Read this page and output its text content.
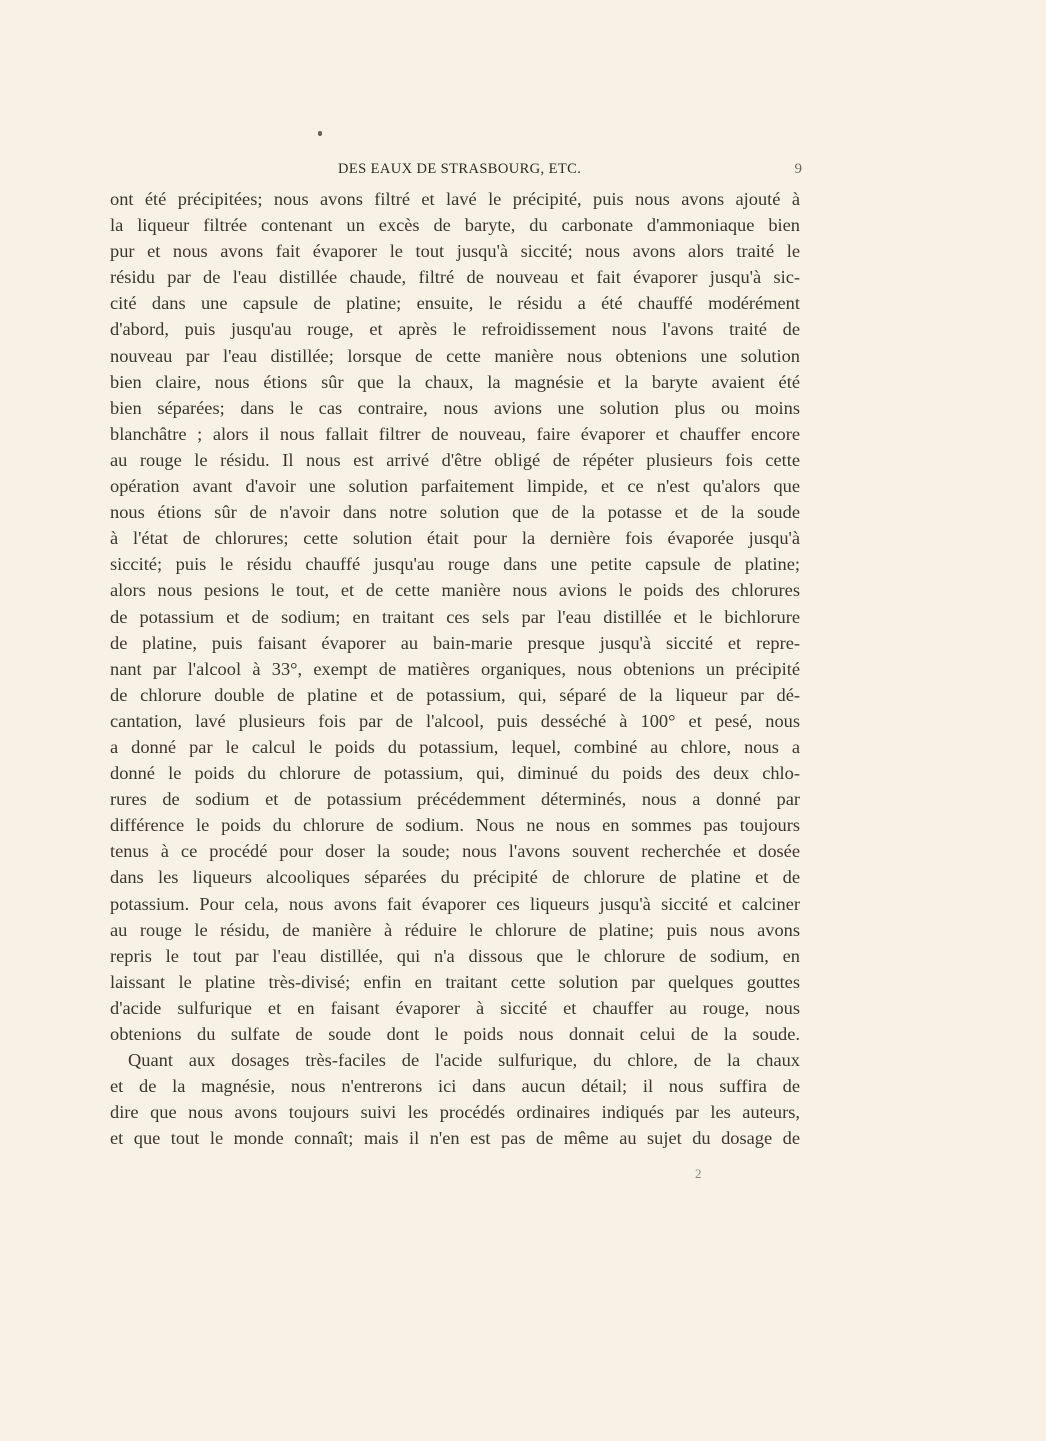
DES EAUX DE STRASBOURG, ETC.	9
ont été précipitées; nous avons filtré et lavé le précipité, puis nous avons ajouté à
la liqueur filtrée contenant un excès de baryte, du carbonate d'ammoniaque bien
pur et nous avons fait évaporer le tout jusqu'à siccité; nous avons alors traité le
résidu par de l'eau distillée chaude, filtré de nouveau et fait évaporer jusqu'à sic-
cité dans une capsule de platine; ensuite, le résidu a été chauffé modérément
d'abord, puis jusqu'au rouge, et après le refroidissement nous l'avons traité de
nouveau par l'eau distillée; lorsque de cette manière nous obtenions une solution
bien claire, nous étions sûr que la chaux, la magnésie et la baryte avaient été
bien séparées; dans le cas contraire, nous avions une solution plus ou moins
blanchâtre ; alors il nous fallait filtrer de nouveau, faire évaporer et chauffer encore
au rouge le résidu. Il nous est arrivé d'être obligé de répéter plusieurs fois cette
opération avant d'avoir une solution parfaitement limpide, et ce n'est qu'alors que
nous étions sûr de n'avoir dans notre solution que de la potasse et de la soude
à l'état de chlorures; cette solution était pour la dernière fois évaporée jusqu'à
siccité; puis le résidu chauffé jusqu'au rouge dans une petite capsule de platine;
alors nous pesions le tout, et de cette manière nous avions le poids des chlorures
de potassium et de sodium; en traitant ces sels par l'eau distillée et le bichlorure
de platine, puis faisant évaporer au bain-marie presque jusqu'à siccité et repre-
nant par l'alcool à 33°, exempt de matières organiques, nous obtenions un précipité
de chlorure double de platine et de potassium, qui, séparé de la liqueur par dé-
cantation, lavé plusieurs fois par de l'alcool, puis desséché à 100° et pesé, nous
a donné par le calcul le poids du potassium, lequel, combiné au chlore, nous a
donné le poids du chlorure de potassium, qui, diminué du poids des deux chlo-
rures de sodium et de potassium précédemment déterminés, nous a donné par
différence le poids du chlorure de sodium. Nous ne nous en sommes pas toujours
tenus à ce procédé pour doser la soude; nous l'avons souvent recherchée et dosée
dans les liqueurs alcooliques séparées du précipité de chlorure de platine et de
potassium. Pour cela, nous avons fait évaporer ces liqueurs jusqu'à siccité et calciner
au rouge le résidu, de manière à réduire le chlorure de platine; puis nous avons
repris le tout par l'eau distillée, qui n'a dissous que le chlorure de sodium, en
laissant le platine très-divisé; enfin en traitant cette solution par quelques gouttes
d'acide sulfurique et en faisant évaporer à siccité et chauffer au rouge, nous
obtenions du sulfate de soude dont le poids nous donnait celui de la soude.
Quant aux dosages très-faciles de l'acide sulfurique, du chlore, de la chaux
et de la magnésie, nous n'entrerons ici dans aucun détail; il nous suffira de
dire que nous avons toujours suivi les procédés ordinaires indiqués par les auteurs,
et que tout le monde connaît; mais il n'en est pas de même au sujet du dosage de
2
